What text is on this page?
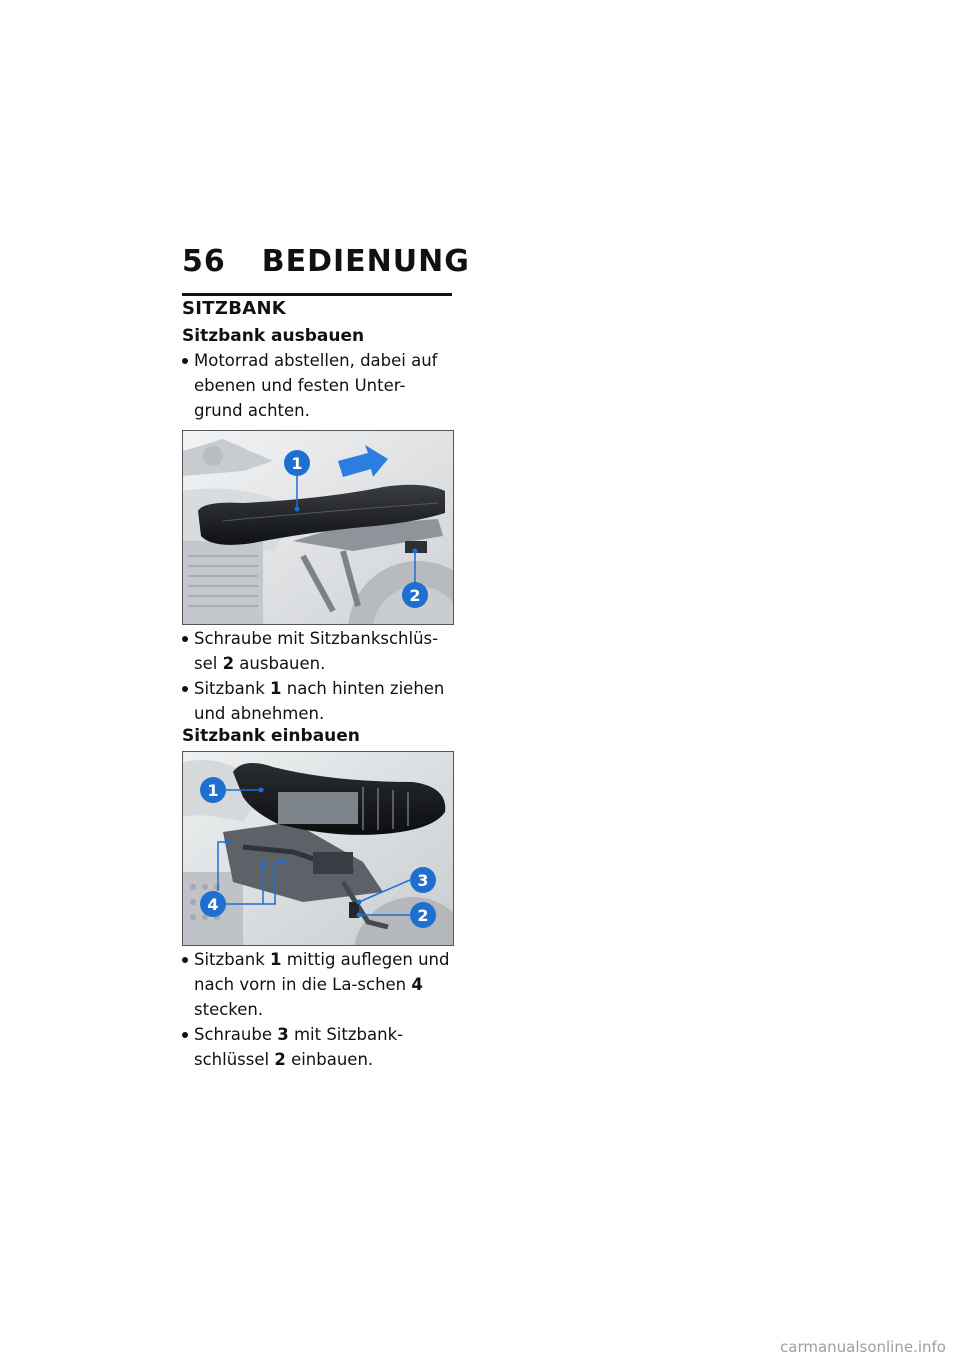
56 BEDIENUNG
SITZBANK
Sitzbank ausbauen
Motorrad abstellen, dabei auf ebenen und festen Unter-grund achten.
1
2
Schraube mit Sitzbankschlüs-sel 2 ausbauen.
Sitzbank 1 nach hinten ziehen und abnehmen.
Sitzbank einbauen
1
4
3
2
Sitzbank 1 mittig auflegen und nach vorn in die La-schen 4 stecken.
Schraube 3 mit Sitzbank-schlüssel 2 einbauen.
carmanualsonline.info
